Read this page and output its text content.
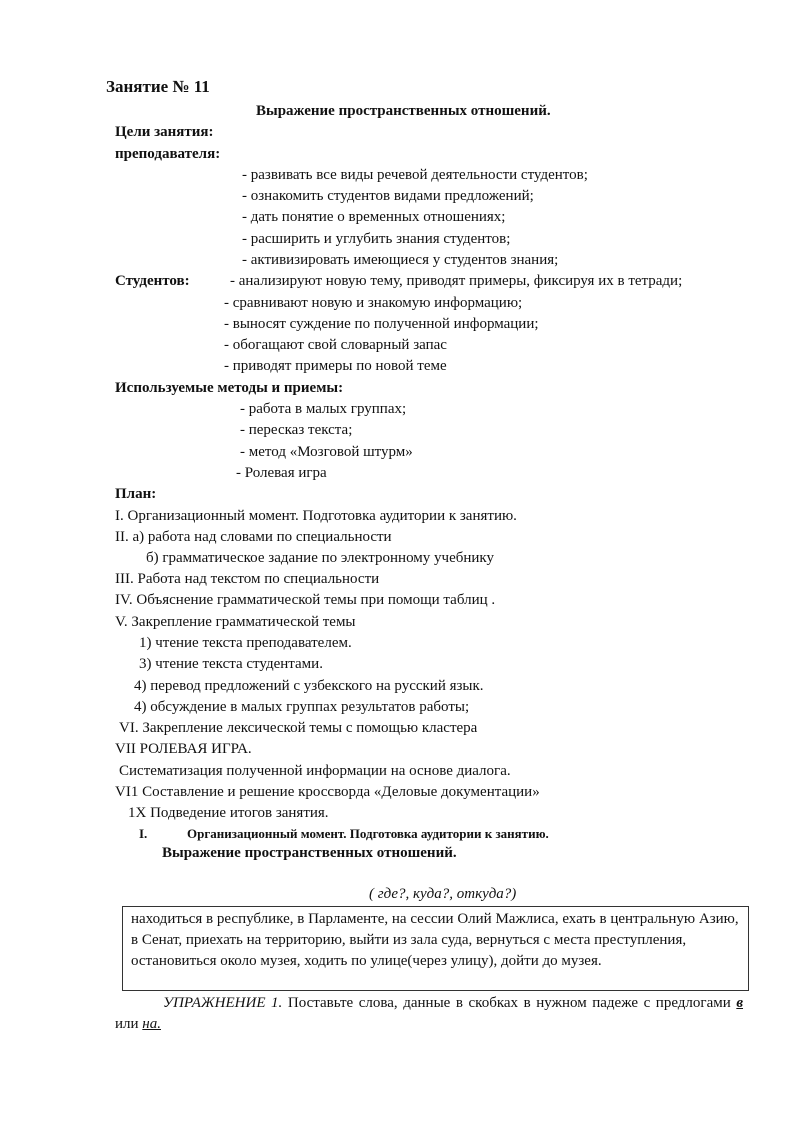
Занятие № 11
Выражение пространственных отношений.
Цели занятия:
преподавателя:
- развивать все виды речевой деятельности студентов;
- ознакомить студентов видами предложений;
- дать понятие о временных отношениях;
- расширить и углубить знания студентов;
- активизировать имеющиеся у студентов знания;
Студентов:	- анализируют новую тему, приводят примеры, фиксируя их в тетради;
- сравнивают новую и знакомую информацию;
- выносят суждение по полученной информации;
- обогащают свой словарный запас
- приводят примеры по новой теме
Используемые методы и приемы:
- работа в малых группах;
- пересказ текста;
- метод «Мозговой штурм»
- Ролевая игра
План:
I. Организационный момент. Подготовка аудитории к занятию.
II. а) работа над словами по специальности
б) грамматическое задание по электронному учебнику
III. Работа над текстом по специальности
IV. Объяснение грамматической темы при помощи таблиц .
V. Закрепление грамматической темы
1) чтение текста преподавателем.
3) чтение текста студентами.
4) перевод предложений с узбекского на русский язык.
4) обсуждение в малых группах результатов работы;
VI. Закрепление лексической темы с помощью кластера
VII РОЛЕВАЯ ИГРА.
Систематизация полученной информации на основе диалога.
VI1 Составление и решение кроссворда «Деловые документации»
1Х Подведение итогов занятия.
I.	Организационный момент. Подготовка аудитории к занятию.
Выражение пространственных отношений.
( где?, куда?, откуда?)
находиться в республике, в Парламенте, на сессии Олий Мажлиса, ехать в центральную Азию, в Сенат, приехать на территорию, выйти из зала суда, вернуться с места преступления, остановиться около музея, ходить по улице(через улицу), дойти до музея.
УПРАЖНЕНИЕ 1. Поставьте слова, данные в скобках в нужном падеже с предлогами в или на.
